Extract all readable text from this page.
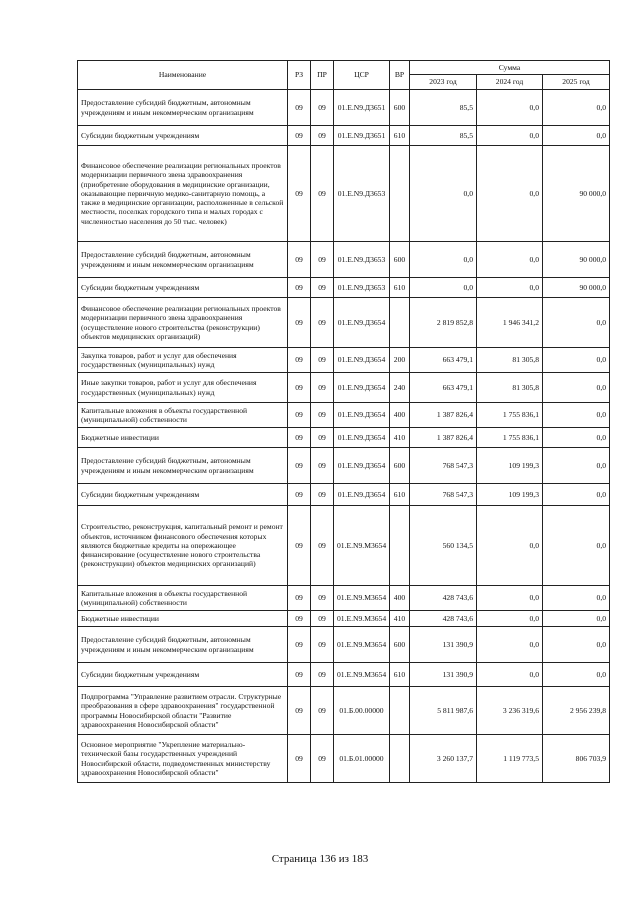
Наименование	РЗ	ПР	ЦСР	ВР	Сумма		
					2023 год	2024 год	2025 год
Предоставление субсидий бюджетным, автономным учреждениям и иным некоммерческим организациям	09	09	01.Е.N9.Д3651	600	85,5	0,0	0,0
Субсидии бюджетным учреждениям	09	09	01.Е.N9.Д3651	610	85,5	0,0	0,0
Финансовое обеспечение реализации региональных проектов модернизации первичного звена здравоохранения (приобретение оборудования в медицинские организации, оказывающие первичную медико-санитарную помощь, а также в медицинские организации, расположенные в сельской местности, поселках городского типа и малых городах с численностью населения до 50 тыс. человек)	09	09	01.Е.N9.Д3653		0,0	0,0	90 000,0
Предоставление субсидий бюджетным, автономным учреждениям и иным некоммерческим организациям	09	09	01.Е.N9.Д3653	600	0,0	0,0	90 000,0
Субсидии бюджетным учреждениям	09	09	01.Е.N9.Д3653	610	0,0	0,0	90 000,0
Финансовое обеспечение реализации региональных проектов модернизации первичного звена здравоохранения (осуществление нового строительства (реконструкции) объектов медицинских организаций)	09	09	01.Е.N9.Д3654		2 819 852,8	1 946 341,2	0,0
Закупка товаров, работ и услуг для обеспечения государственных (муниципальных) нужд	09	09	01.Е.N9.Д3654	200	663 479,1	81 305,8	0,0
Иные закупки товаров, работ и услуг для обеспечения государственных (муниципальных) нужд	09	09	01.Е.N9.Д3654	240	663 479,1	81 305,8	0,0
Капитальные вложения в объекты государственной (муниципальной) собственности	09	09	01.Е.N9.Д3654	400	1 387 826,4	1 755 836,1	0,0
Бюджетные инвестиции	09	09	01.Е.N9.Д3654	410	1 387 826,4	1 755 836,1	0,0
Предоставление субсидий бюджетным, автономным учреждениям и иным некоммерческим организациям	09	09	01.Е.N9.Д3654	600	768 547,3	109 199,3	0,0
Субсидии бюджетным учреждениям	09	09	01.Е.N9.Д3654	610	768 547,3	109 199,3	0,0
Строительство, реконструкция, капитальный ремонт и ремонт объектов, источником финансового обеспечения которых являются бюджетные кредиты на опережающее финансирование (осуществление нового строительства (реконструкции) объектов медицинских организаций)	09	09	01.Е.N9.М3654		560 134,5	0,0	0,0
Капитальные вложения в объекты государственной (муниципальной) собственности	09	09	01.Е.N9.М3654	400	428 743,6	0,0	0,0
Бюджетные инвестиции	09	09	01.Е.N9.М3654	410	428 743,6	0,0	0,0
Предоставление субсидий бюджетным, автономным учреждениям и иным некоммерческим организациям	09	09	01.Е.N9.М3654	600	131 390,9	0,0	0,0
Субсидии бюджетным учреждениям	09	09	01.Е.N9.М3654	610	131 390,9	0,0	0,0
Подпрограмма "Управление развитием отрасли. Структурные преобразования в сфере здравоохранения" государственной программы Новосибирской области "Развитие здравоохранения Новосибирской области"	09	09	01.Б.00.00000		5 811 987,6	3 236 319,6	2 956 239,8
Основное мероприятие "Укрепление материально-технической базы государственных учреждений Новосибирской области, подведомственных министерству здравоохранения Новосибирской области"	09	09	01.Б.01.00000		3 260 137,7	1 119 773,5	806 703,9
Страница 136 из 183
